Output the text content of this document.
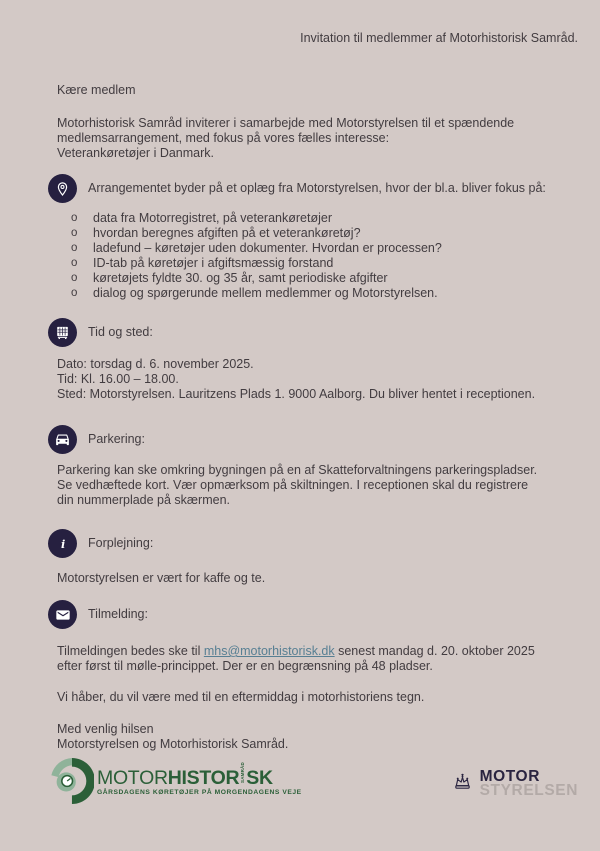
Invitation til medlemmer af Motorhistorisk Samråd.
Kære medlem
Motorhistorisk Samråd inviterer i samarbejde med Motorstyrelsen til et spændende
medlemsarrangement, med fokus på vores fælles interesse:
Veterankøretøjer i Danmark.
Arrangementet byder på et oplæg fra Motorstyrelsen, hvor der bl.a. bliver fokus på:
o data fra Motorregistret, på veterankøretøjer
o hvordan beregnes afgiften på et veterankøretøj?
o ladefund – køretøjer uden dokumenter. Hvordan er processen?
o ID-tab på køretøjer i afgiftsmæssig forstand
o køretøjets fyldte 30. og 35 år, samt periodiske afgifter
o dialog og spørgerunde mellem medlemmer og Motorstyrelsen.
Tid og sted:
Dato: torsdag d. 6. november 2025.
Tid: Kl. 16.00 – 18.00.
Sted: Motorstyrelsen. Lauritzens Plads 1. 9000 Aalborg. Du bliver hentet i receptionen.
Parkering:
Parkering kan ske omkring bygningen på en af Skatteforvaltningens parkeringspladser.
Se vedhæftede kort. Vær opmærksom på skiltningen. I receptionen skal du registrere
din nummerplade på skærmen.
i Forplejning:
Motorstyrelsen er vært for kaffe og te.
Tilmelding:
Tilmeldingen bedes ske til mhs@motorhistorisk.dk senest mandag d. 20. oktober 2025
efter først til mølle-princippet. Der er en begrænsning på 48 pladser.
Vi håber, du vil være med til en eftermiddag i motorhistoriens tegn.
Med venlig hilsen
Motorstyrelsen og Motorhistorisk Samråd.
MOTORHISTORSAMRÅDSK
GÅRSDAGENS KØRETØJER PÅ MORGENDAGENS VEJE
MOTOR
STYRELSEN
